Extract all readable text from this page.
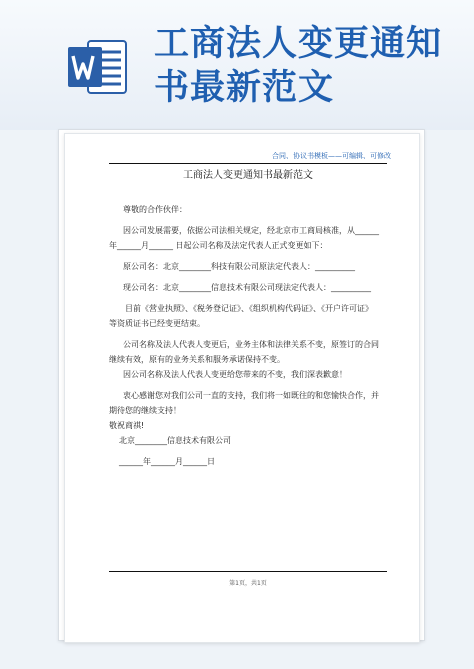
工商法人变更通知
书最新范文
合同、协议书模板——可编辑、可修改
工商法人变更通知书最新范文
尊敬的合作伙伴：
因公司发展需要，依据公司法相关规定，经北京市工商局核准，从______
年______月______ 日起公司名称及法定代表人正式变更如下：
原公司名：北京________科技有限公司原法定代表人：__________
现公司名：北京________信息技术有限公司现法定代表人：__________
目前《营业执照》、《税务登记证》、《组织机构代码证》、《开户许可证》等资质证书已经变更结束。
公司名称及法人代表人变更后，业务主体和法律关系不变，原签订的合同继续有效，原有的业务关系和服务承诺保持不变。
因公司名称及法人代表人变更给您带来的不变，我们深表歉意！
衷心感谢您对我们公司一直的支持，我们将一如既往的和您愉快合作，并期待您的继续支持！
敬祝商祺!
北京________信息技术有限公司
______年______月______日
第1页，共1页
